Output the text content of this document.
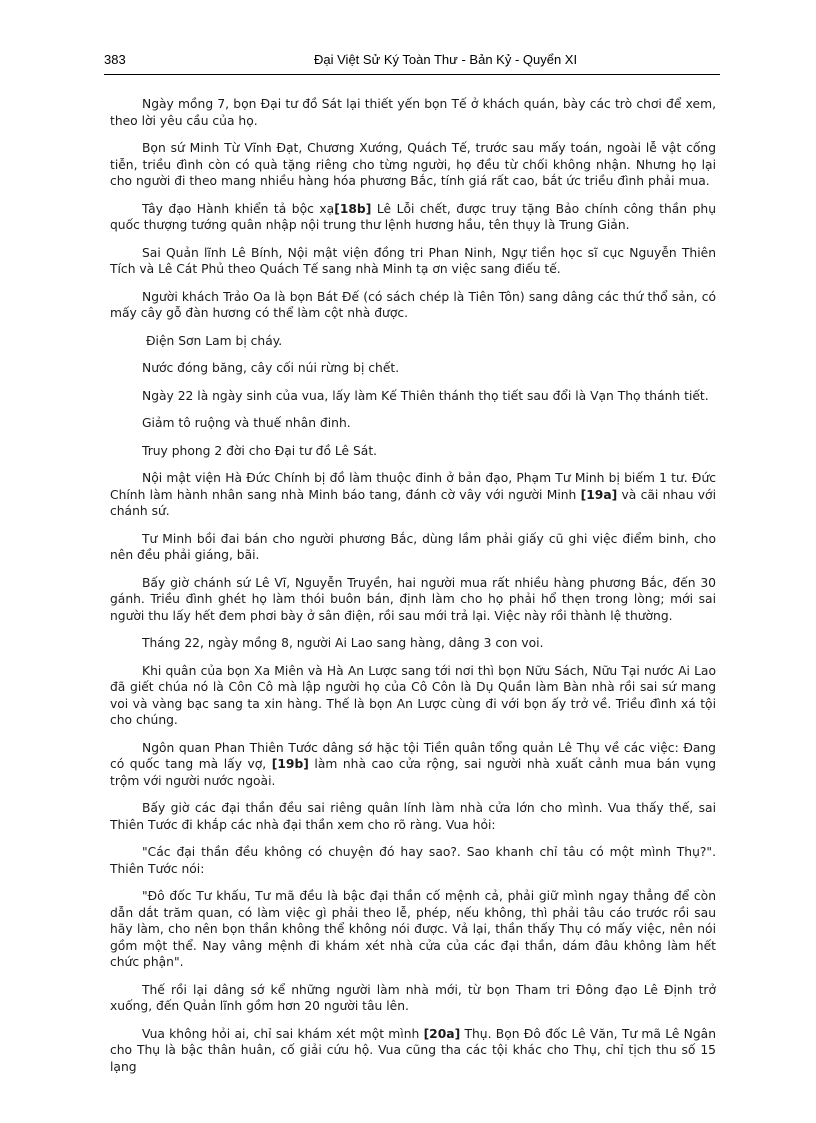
383	Đại Việt Sử Ký Toàn Thư - Bản Kỷ - Quyển XI

Ngày mồng 7, bọn Đại tư đồ Sát lại thiết yến bọn Tế ở khách quán, bày các trò chơi để xem, theo lời yêu cầu của họ.

Bọn sứ Minh Từ Vĩnh Đạt, Chương Xướng, Quách Tế, trước sau mấy toán, ngoài lễ vật cống tiễn, triều đình còn có quà tặng riêng cho từng người, họ đều từ chối không nhận. Nhưng họ lại cho người đi theo mang nhiều hàng hóa phương Bắc, tính giá rất cao, bắt ức triều đình phải mua.

Tây đạo Hành khiển tả bộc xạ[18b] Lê Lỗi chết, được truy tặng Bảo chính công thần phụ quốc thượng tướng quân nhập nội trung thư lệnh hương hầu, tên thụy là Trung Giản.

Sai Quản lĩnh Lê Bính, Nội mật viện đồng tri Phan Ninh, Ngự tiền học sĩ cục Nguyễn Thiên Tích và Lê Cát Phủ theo Quách Tế sang nhà Minh tạ ơn việc sang điếu tế.

Người khách Trảo Oa là bọn Bát Đế (có sách chép là Tiên Tôn) sang dâng các thứ thổ sản, có mấy cây gỗ đàn hương có thể làm cột nhà được.

Điện Sơn Lam bị cháy.

Nước đóng băng, cây cối núi rừng bị chết.

Ngày 22 là ngày sinh của vua, lấy làm Kế Thiên thánh thọ tiết sau đổi là Vạn Thọ thánh tiết.

Giảm tô ruộng và thuế nhân đinh.

Truy phong 2 đời cho Đại tư đồ Lê Sát.

Nội mật viện Hà Đức Chính bị đồ làm thuộc đinh ở bản đạo, Phạm Tư Minh bị biếm 1 tư. Đức Chính làm hành nhân sang nhà Minh báo tang, đánh cờ vây với người Minh [19a] và cãi nhau với chánh sứ.

Tư Minh bồi đai bán cho người phương Bắc, dùng lầm phải giấy cũ ghi việc điểm binh, cho nên đều phải giáng, bãi.

Bấy giờ chánh sứ Lê Vĩ, Nguyễn Truyền, hai người mua rất nhiều hàng phương Bắc, đến 30 gánh. Triều đình ghét họ làm thói buôn bán, định làm cho họ phải hổ thẹn trong lòng; mới sai người thu lấy hết đem phơi bày ở sân điện, rồi sau mới trả lại. Việc này rồi thành lệ thường.

Tháng 22, ngày mồng 8, người Ai Lao sang hàng, dâng 3 con voi.

Khi quân của bọn Xa Miên và Hà An Lược sang tới nơi thì bọn Nữu Sách, Nữu Tại nước Ai Lao đã giết chúa nó là Côn Cô mà lập người họ của Cô Côn là Dụ Quần làm Bàn nhà rồi sai sứ mang voi và vàng bạc sang ta xin hàng. Thế là bọn An Lược cùng đi với bọn ấy trở về. Triều đình xá tội cho chúng.

Ngôn quan Phan Thiên Tước dâng sớ hặc tội Tiền quân tổng quản Lê Thụ về các việc: Đang có quốc tang mà lấy vợ, [19b] làm nhà cao cửa rộng, sai người nhà xuất cảnh mua bán vụng trộm với người nước ngoài.

Bấy giờ các đại thần đều sai riêng quân lính làm nhà cửa lớn cho mình. Vua thấy thế, sai Thiên Tước đi khắp các nhà đại thần xem cho rõ ràng. Vua hỏi:

"Các đại thần đều không có chuyện đó hay sao?. Sao khanh chỉ tâu có một mình Thụ?". Thiên Tước nói:

"Đô đốc Tư khấu, Tư mã đều là bậc đại thần cố mệnh cả, phải giữ mình ngay thẳng để còn dẫn dắt trăm quan, có làm việc gì phải theo lễ, phép, nếu không, thì phải tâu cáo trước rồi sau hãy làm, cho nên bọn thần không thể không nói được. Vả lại, thần thấy Thụ có mấy việc, nên nói gồm một thể. Nay vâng mệnh đi khám xét nhà cửa của các đại thần, dám đâu không làm hết chức phận".

Thế rồi lại dâng sớ kể những người làm nhà mới, từ bọn Tham tri Đông đạo Lê Định trở xuống, đến Quản lĩnh gồm hơn 20 người tâu lên.

Vua không hỏi ai, chỉ sai khám xét một mình [20a] Thụ. Bọn Đô đốc Lê Văn, Tư mã Lê Ngân cho Thụ là bậc thân huân, cố giải cứu hộ. Vua cũng tha các tội khác cho Thụ, chỉ tịch thu số 15 lạng
